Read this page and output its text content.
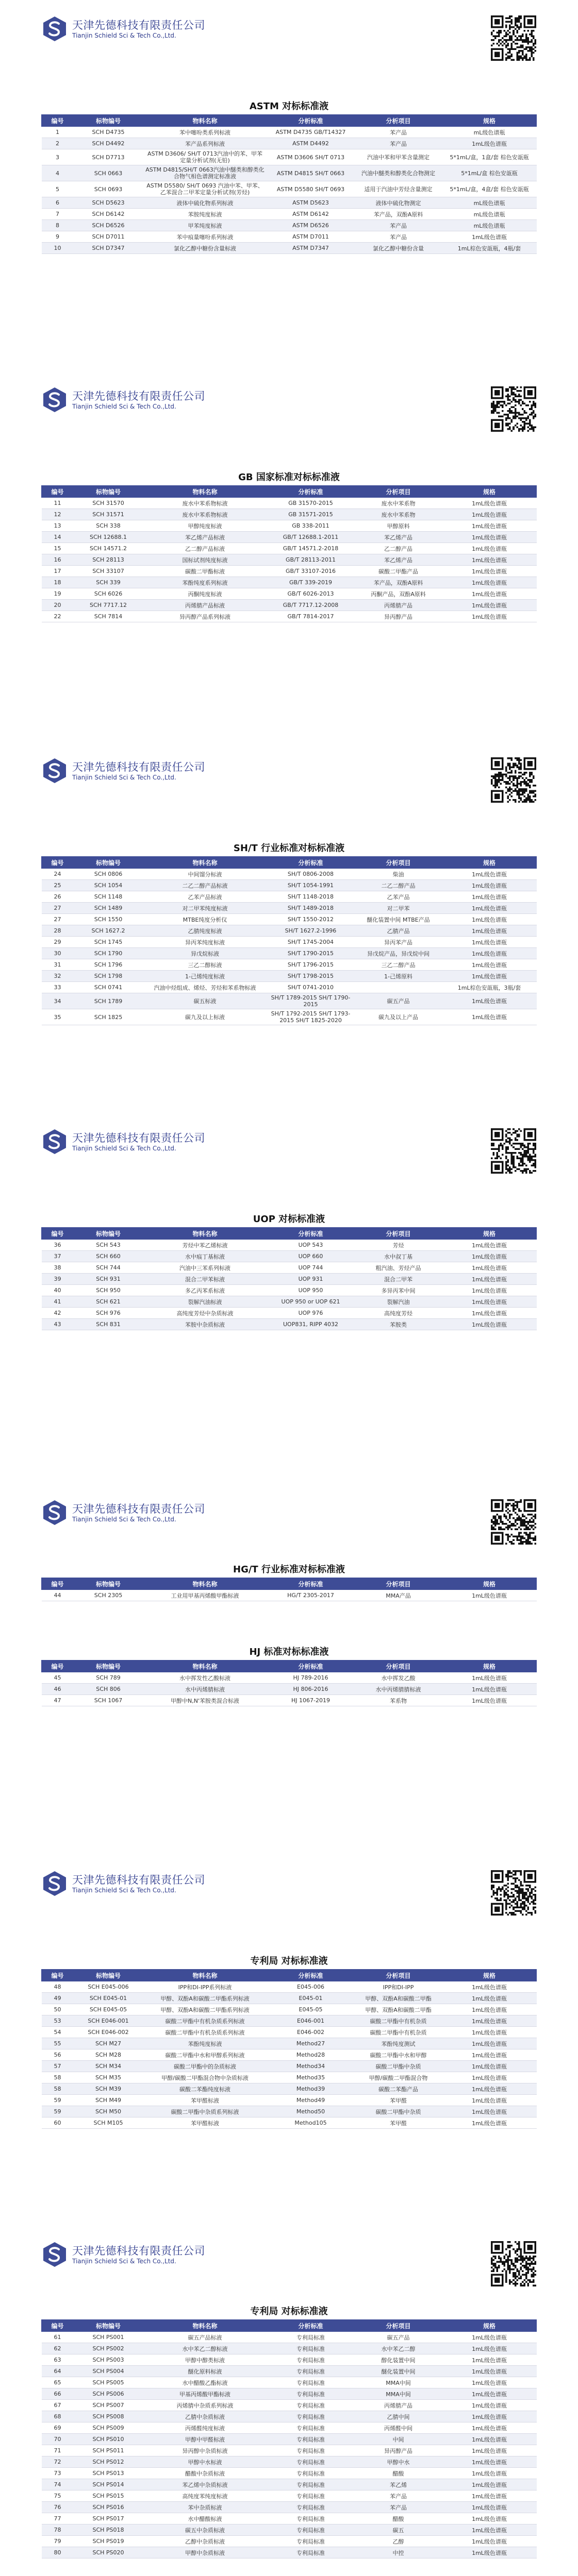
天津先德科技有限责任公司
Tianjin Schield Sci & Tech Co.,Ltd.
ASTM 对标标准液
编号	标物编号	物料名称	分析标准	分析项目	规格
1	SCH D4735	苯中噻吩类系列标液	ASTM D4735 GB/T14327	苯产品	mL级色谱瓶
2	SCH D4492	苯产品系列标液	ASTM D4492	苯产品	1mL级色谱瓶
3	SCH D7713	ASTM D3606/ SH/T 0713汽油中的苯、甲苯定量分析试剂(无铅)	ASTM D3606 SH/T 0713	汽油中苯和甲苯含量测定	5*1mL/盒，1盒/套 棕色安瓿瓶
4	SCH 0663	ASTM D4815/SH/T 0663汽油中醚类和醇类化合物气相色谱测定标准液	ASTM D4815 SH/T 0663	汽油中醚类和醇类化合物测定	5*1mL/盒 棕色安瓿瓶
5	SCH 0693	ASTM D5580/ SH/T 0693 汽油中苯、甲苯、乙苯混合二甲苯定量分析试剂(芳烃)	ASTM D5580 SH/T 0693	适用于汽油中芳烃含量测定	5*1mL/盒，4盒/套 棕色安瓿瓶
6	SCH D5623	液体中硫化物系列标液	ASTM D5623	液体中硫化物测定	mL级色谱瓶
7	SCH D6142	苯胺纯度标液	ASTM D6142	苯产品，双酚A原料	mL级色谱瓶
8	SCH D6526	甲苯纯度标液	ASTM D6526	苯产品	mL级色谱瓶
9	SCH D7011	苯中痕量噻吩系列标液	ASTM D7011	苯产品	1mL级色谱瓶
10	SCH D7347	氯化乙醇中糖份含量标液	ASTM D7347	氯化乙醇中糖份含量	1mL棕色安瓿瓶，4瓶/套
天津先德科技有限责任公司
Tianjin Schield Sci & Tech Co.,Ltd.
GB 国家标准对标标准液
编号	标物编号	物料名称	分析标准	分析项目	规格
11	SCH 31570	废水中苯系物标液	GB 31570-2015	废水中苯系物	1mL级色谱瓶
12	SCH 31571	废水中苯系物标液	GB 31571-2015	废水中苯系物	1mL级色谱瓶
13	SCH 338	甲醇纯度标液	GB 338-2011	甲醇原料	1mL级色谱瓶
14	SCH 12688.1	苯乙烯产品标液	GB/T 12688.1-2011	苯乙烯产品	1mL级色谱瓶
15	SCH 14571.2	乙二醇产品标液	GB/T 14571.2-2018	乙二醇产品	1mL级色谱瓶
16	SCH 28113	国标试剂纯度标液	GB/T 28113-2011	苯乙烯产品	1mL级色谱瓶
17	SCH 33107	碳酸二甲酯标液	GB/T 33107-2016	碳酸二甲酯产品	1mL级色谱瓶
18	SCH 339	苯酚纯度系列标液	GB/T 339-2019	苯产品，双酚A原料	1mL级色谱瓶
19	SCH 6026	丙酮纯度标液	GB/T 6026-2013	丙酮产品，双酚A原料	1mL级色谱瓶
20	SCH 7717.12	丙烯腈产品标液	GB/T 7717.12-2008	丙烯腈产品	1mL级色谱瓶
22	SCH 7814	异丙醇产品系列标液	GB/T 7814-2017	异丙醇产品	1mL级色谱瓶
天津先德科技有限责任公司
Tianjin Schield Sci & Tech Co.,Ltd.
SH/T 行业标准对标标准液
编号	标物编号	物料名称	分析标准	分析项目	规格
24	SCH 0806	中间馏分标液	SH/T 0806-2008	柴油	1mL级色谱瓶
25	SCH 1054	二乙二醇产品标液	SH/T 1054-1991	二乙二醇产品	1mL级色谱瓶
26	SCH 1148	乙苯产品标液	SH/T 1148-2018	乙苯产品	1mL级色谱瓶
27	SCH 1489	对二甲苯纯度标液	SH/T 1489-2018	对二甲苯	1mL级色谱瓶
27	SCH 1550	MTBE纯度分析仪	SH/T 1550-2012	醚化装置中间 MTBE产品	1mL级色谱瓶
28	SCH 1627.2	乙腈纯度标液	SH/T 1627.2-1996	乙腈产品	1mL级色谱瓶
29	SCH 1745	异丙苯纯度标液	SH/T 1745-2004	异丙苯产品	1mL级色谱瓶
30	SCH 1790	异戊烷标液	SH/T 1790-2015	异戊烷产品，异戊烷中间	1mL级色谱瓶
31	SCH 1796	三乙二醇标液	SH/T 1796-2015	三乙二醇产品	1mL级色谱瓶
32	SCH 1798	1-己烯纯度标液	SH/T 1798-2015	1-己烯原料	1mL级色谱瓶
33	SCH 0741	汽油中烃组成、烯烃、芳烃和苯系物标液	SH/T 0741-2010		1mL棕色安瓿瓶，3瓶/套
34	SCH 1789	碳五标液	SH/T 1789-2015 SH/T 1790-2015	碳五产品	1mL级色谱瓶
35	SCH 1825	碳九及以上标液	SH/T 1792-2015 SH/T 1793-2015 SH/T 1825-2020	碳九及以上产品	1mL级色谱瓶
天津先德科技有限责任公司
Tianjin Schield Sci & Tech Co.,Ltd.
UOP 对标标准液
编号	标物编号	物料名称	分析标准	分析项目	规格
36	SCH 543	芳烃中苯乙烯标液	UOP 543	芳烃	1mL级色谱瓶
37	SCH 660	水中痕丁基标液	UOP 660	水中叔丁基	1mL级色谱瓶
38	SCH 744	汽油中三苯系列标液	UOP 744	粗汽油、芳烃产品	1mL级色谱瓶
39	SCH 931	混合二甲苯标液	UOP 931	混合二甲苯	1mL级色谱瓶
40	SCH 950	多乙丙苯系标液	UOP 950	多异丙苯中间	1mL级色谱瓶
41	SCH 621	裂解汽油标液	UOP 950 or UOP 621	裂解汽油	1mL级色谱瓶
42	SCH 976	高纯度芳烃中杂质标液	UOP 976	高纯度芳烃	1mL级色谱瓶
43	SCH 831	苯胺中杂质标液	UOP831, RIPP 4032	苯胺类	1mL级色谱瓶
天津先德科技有限责任公司
Tianjin Schield Sci & Tech Co.,Ltd.
HG/T 行业标准对标标准液
编号	标物编号	物料名称	分析标准	分析项目	规格
44	SCH 2305	工业用甲基丙烯酸甲酯标液	HG/T 2305-2017	MMA产品	1mL级色谱瓶
HJ 标准对标标准液
编号	标物编号	物料名称	分析标准	分析项目	规格
45	SCH 789	水中挥发性乙酸标液	HJ 789-2016	水中挥发乙酸	1mL级色谱瓶
46	SCH 806	水中丙烯腈标液	HJ 806-2016	水中丙烯腈腈标液	1mL级色谱瓶
47	SCH 1067	甲醇中N,N'苯胺类混合标液	HJ 1067-2019	苯系物	1mL级色谱瓶
天津先德科技有限责任公司
Tianjin Schield Sci & Tech Co.,Ltd.
专利局 对标标准液
编号	标物编号	物料名称	分析标准	分析项目	规格
48	SCH E045-006	IPP和DI-IPP系列标液	E045-006	IPP和DI-IPP	1mL级色谱瓶
49	SCH E045-01	甲醇、双酚A和碳酸二甲酯系列标液	E045-01	甲醇、双酚A和碳酸二甲酯	1mL级色谱瓶
50	SCH E045-05	甲醇、双酚A和碳酸二甲酯系列标液	E045-05	甲醇、双酚A和碳酸二甲酯	1mL级色谱瓶
53	SCH E046-001	碳酸二甲酯中有机杂质系列标液	E046-001	碳酸二甲酯中有机杂质	1mL级色谱瓶
54	SCH E046-002	碳酸二甲酯中有机杂质系列标液	E046-002	碳酸二甲酯中有机杂质	1mL级色谱瓶
55	SCH M27	苯酚纯度标液	Method27	苯酚纯度测试	1mL级色谱瓶
56	SCH M28	碳酸二甲酯中水和甲醇系列标液	Method28	碳酸二甲酯中水和甲醇	1mL级色谱瓶
57	SCH M34	碳酸二甲酯中的杂质标液	Method34	碳酸二甲酯中杂质	1mL级色谱瓶
58	SCH M35	甲醇/碳酸二甲酯混合物中杂质标液	Method35	甲醇/碳酸二甲酯混合物	1mL级色谱瓶
58	SCH M39	碳酸二苯酯纯度标液	Method39	碳酸二苯酯产品	1mL级色谱瓶
59	SCH M49	苯甲醛标液	Method49	苯甲醛	1mL级色谱瓶
59	SCH M50	碳酸二甲酯中杂质系列标液	Method50	碳酸二甲酯中杂质	1mL级色谱瓶
60	SCH M105	苯甲醛标液	Method105	苯甲醛	1mL级色谱瓶
天津先德科技有限责任公司
Tianjin Schield Sci & Tech Co.,Ltd.
专利局 对标标准液
编号	标物编号	物料名称	分析标准	分析项目	规格
61	SCH PS001	碳五产品标液	专利局标准	碳五产品	1mL级色谱瓶
62	SCH PS002	水中苯乙二醇标液	专利局标准	水中苯乙二醇	1mL级色谱瓶
63	SCH PS003	甲醇中醇类标液	专利局标准	醇化装置中间	1mL级色谱瓶
64	SCH PS004	醚化原料标液	专利局标准	醚化装置中间	1mL级色谱瓶
65	SCH PS005	水中醋酸乙酯标液	专利局标准	MMA中间	1mL级色谱瓶
66	SCH PS006	甲基丙烯酸甲酯标液	专利局标准	MMA中间	1mL级色谱瓶
67	SCH PS007	丙烯腈中杂质系列标液	专利局标准	丙烯腈产品	1mL级色谱瓶
68	SCH PS008	乙腈中杂质标液	专利局标准	乙腈中间	1mL级色谱瓶
69	SCH PS009	丙烯醛纯度标液	专利局标准	丙烯醛中间	1mL级色谱瓶
70	SCH PS010	甲醇中甲醛标液	专利局标准	中间	1mL级色谱瓶
71	SCH PS011	异丙醇中杂质标液	专利局标准	异丙醇产品	1mL级色谱瓶
72	SCH PS012	甲醇中水标液	专利局标准	甲醇中水	1mL级色谱瓶
73	SCH PS013	醋酸中杂质标液	专利局标准	醋酸	1mL级色谱瓶
74	SCH PS014	苯乙烯中杂质标液	专利局标准	苯乙烯	1mL级色谱瓶
75	SCH PS015	高纯度苯纯度标液	专利局标准	苯产品	1mL级色谱瓶
76	SCH PS016	苯中杂质标液	专利局标准	苯产品	1mL级色谱瓶
77	SCH PS017	水中醋酸标液	专利局标准	醋酸	1mL级色谱瓶
78	SCH PS018	碳五中杂质标液	专利局标准	碳五	1mL级色谱瓶
79	SCH PS019	乙醇中杂质标液	专利局标准	乙醇	1mL级色谱瓶
80	SCH PS020	甲醇中杂质标液	专利局标准	中控	1mL级色谱瓶
